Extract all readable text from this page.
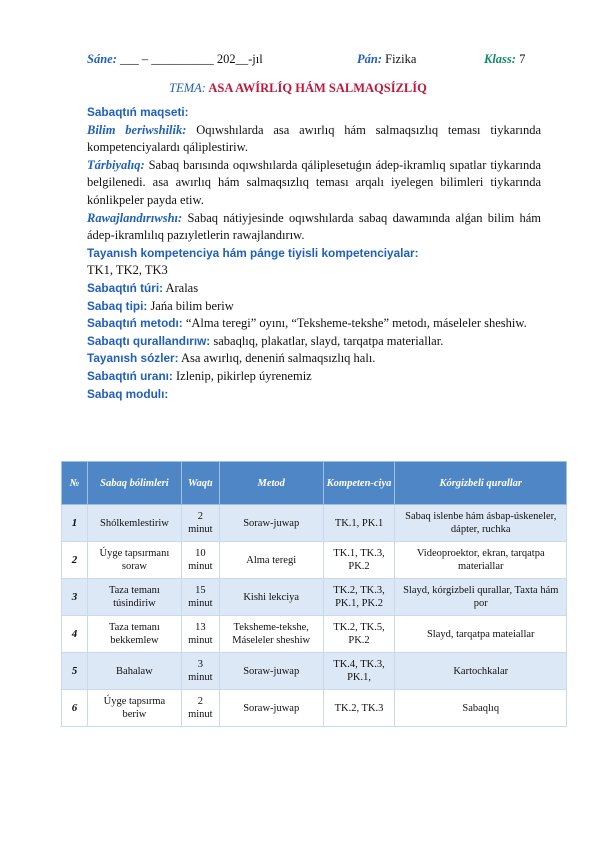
Sáne: ___ – __________ 202__-jıl	Pán: Fizika	Klass: 7
TEMA: ASA AWÍRLÍQ HÁM SALMAQSÍZLÍQ

Sabaqtıń maqseti:

Bilim beriwshilik: Oqıwshılarda asa awırlıq hám salmaqsızlıq teması tiykarında kompetenciyalardı qáliplestiriw.

Tárbiyalıq: Sabaq barısında oqıwshılarda qáliplesetuǵın ádep-ikramlıq sıpatlar tiykarında belgilenedi. asa awırlıq hám salmaqsızlıq teması arqalı iyelegen bilimleri tiykarında kónlikpeler payda etiw.

Rawajlandırıwshı: Sabaq nátiyjesinde oqıwshılarda sabaq dawamında alǵan bilim hám ádep-ikramlılıq pazıyletlerin rawajlandırıw.

Tayanısh kompetenciya hám pánge tiyisli kompetenciyalar:

TK1, TK2, TK3

Sabaqtıń túri: Aralas

Sabaq tipi: Jańa bilim beriw

Sabaqtıń metodı: “Alma teregi” oyını, “Teksheme-tekshe” metodı, máseleler sheshiw.

Sabaqtı qurallandırıw: sabaqlıq, plakatlar, slayd, tarqatpa materiallar.

Tayanısh sózler: Asa awırlıq, deneniń salmaqsızlıq halı.

Sabaqtıń uranı: Izlenip, pikirlep úyrenemiz

Sabaq modulı:

№	Sabaq bólimleri	Waqtı	Metod	Kompeten-ciya	Kórgizbeli qurallar
1	Shólkemlestiriw	2 minut	Soraw-juwap	TK.1, PK.1	Sabaq islenbe hám ásbap-úskeneler, dápter, ruchka
2	Úyge tapsırmanı soraw	10 minut	Alma teregi	TK.1, TK.3, PK.2	Videoproektor, ekran, tarqatpa materiallar
3	Taza temanı túsindiriw	15 minut	Kishi lekciya	TK.2, TK.3, PK.1, PK.2	Slayd, kórgizbeli qurallar, Taxta hám por
4	Taza temanı bekkemlew	13 minut	Teksheme-tekshe, Máseleler sheshiw	TK.2, TK.5, PK.2	Slayd, tarqatpa mateiallar
5	Bahalaw	3 minut	Soraw-juwap	TK.4, TK.3, PK.1,	Kartochkalar
6	Úyge tapsırma beriw	2 minut	Soraw-juwap	TK.2, TK.3	Sabaqlıq
